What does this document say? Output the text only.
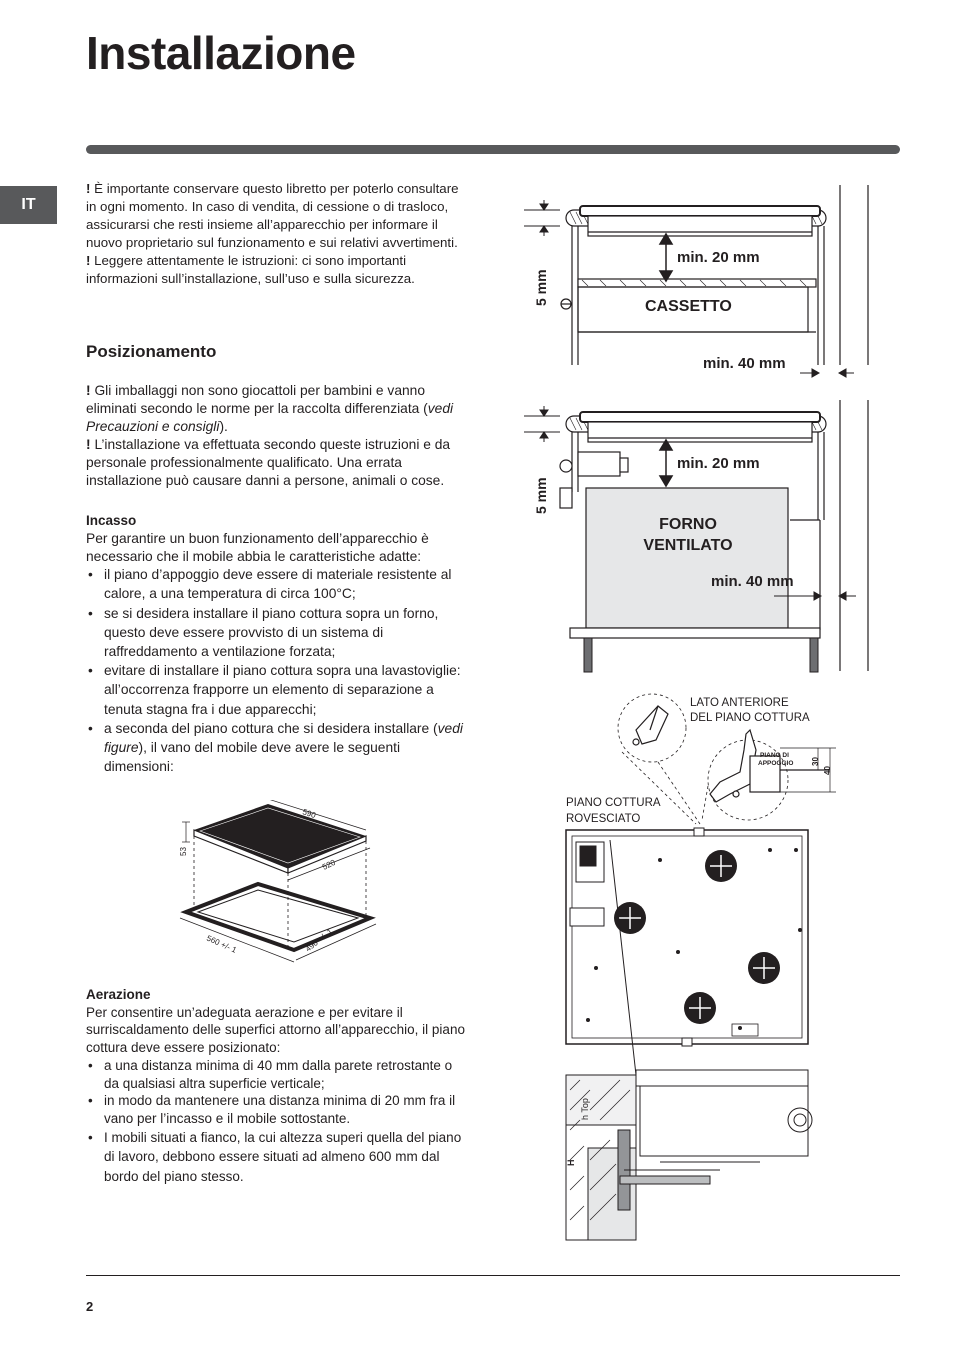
Installazione
IT

! È importante conservare questo libretto per poterlo consultare in ogni momento. In caso di vendita, di cessione o di trasloco, assicurarsi che resti insieme all’apparecchio per informare il nuovo proprietario sul funzionamento e sui relativi avvertimenti.

! Leggere attentamente le istruzioni: ci sono importanti informazioni sull’installazione, sull’uso e sulla sicurezza.

Posizionamento

! Gli imballaggi non sono giocattoli per bambini e vanno eliminati secondo le norme per la raccolta differenziata (vedi Precauzioni e consigli).

! L’installazione va effettuata secondo queste istruzioni e da personale professionalmente qualificato. Una errata installazione può causare danni a persone, animali o cose.

Incasso

Per garantire un buon funzionamento dell’apparecchio è necessario che il mobile abbia le caratteristiche adatte:

• il piano d’appoggio deve essere di materiale resistente al calore, a una temperatura di circa 100°C;
• se si desidera installare il piano cottura sopra un forno, questo deve essere provvisto di un sistema di raffreddamento a ventilazione forzata;
• evitare di installare il piano cottura sopra una lavastoviglie: all’occorrenza frapporre un elemento di separazione a tenuta stagna fra i due apparecchi;
• a seconda del piano cottura che si desidera installare (vedi figure), il vano del mobile deve avere le seguenti dimensioni:
590
53
520
560 +/- 1	490 +/- 1
Aerazione

Per consentire un’adeguata aerazione e per evitare il surriscaldamento delle superfici attorno all’apparecchio, il piano cottura deve essere posizionato:

• a una distanza minima di 40 mm dalla parete retrostante o da qualsiasi altra superficie verticale;
• in modo da mantenere una distanza minima di 20 mm fra il vano per l’incasso e il mobile sottostante.
• I mobili situati a fianco, la cui altezza superi quella del piano di lavoro, debbono essere situati ad almeno 600 mm dal bordo del piano stesso.
min. 20 mm
CASSETTO
min. 40 mm
5 mm
min. 20 mm
FORNO
VENTILATO
min. 40 mm
5 mm
LATO ANTERIORE
DEL PIANO COTTURA
PIANO DI
APPOGGIO 30
40
PIANO COTTURA
ROVESCIATO
h Top
H
2
